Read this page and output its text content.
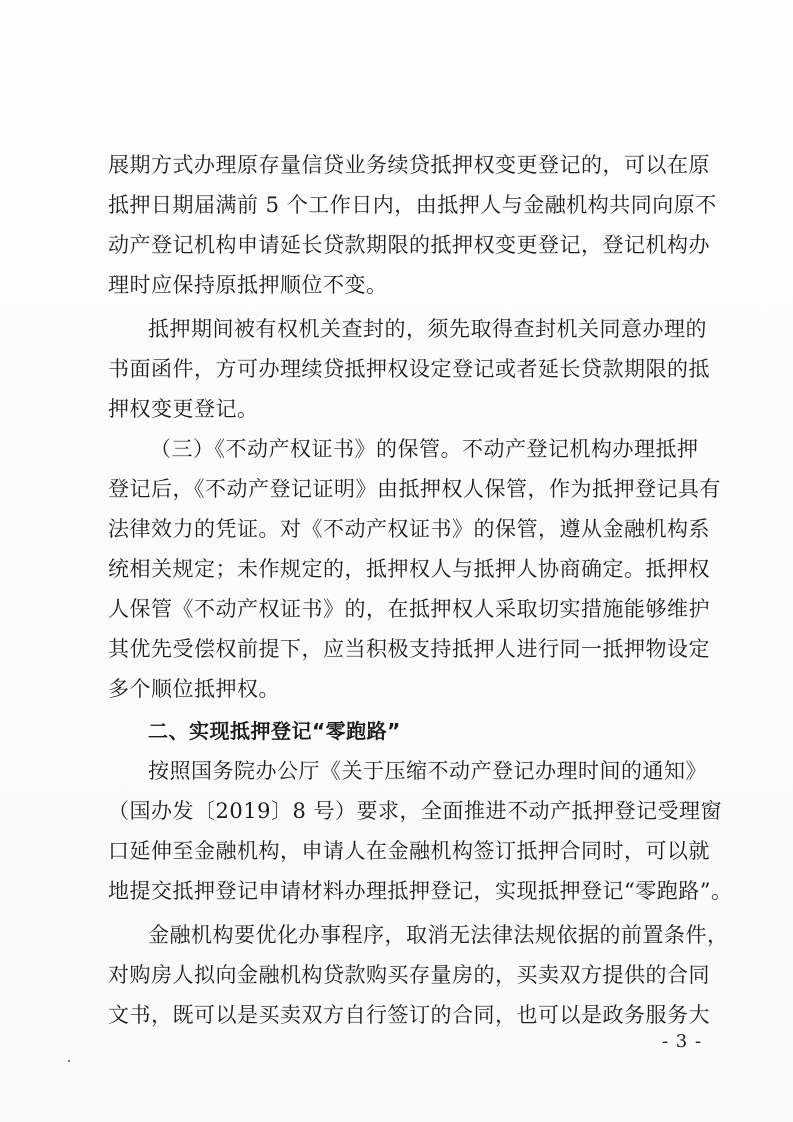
展期方式办理原存量信贷业务续贷抵押权变更登记的，可以在原
抵押日期届满前 5 个工作日内，由抵押人与金融机构共同向原不
动产登记机构申请延长贷款期限的抵押权变更登记，登记机构办
理时应保持原抵押顺位不变。
抵押期间被有权机关查封的，须先取得查封机关同意办理的
书面函件，方可办理续贷抵押权设定登记或者延长贷款期限的抵
押权变更登记。
（三）《不动产权证书》的保管。不动产登记机构办理抵押
登记后，《不动产登记证明》由抵押权人保管，作为抵押登记具有
法律效力的凭证。对《不动产权证书》的保管，遵从金融机构系
统相关规定；未作规定的，抵押权人与抵押人协商确定。抵押权
人保管《不动产权证书》的，在抵押权人采取切实措施能够维护
其优先受偿权前提下，应当积极支持抵押人进行同一抵押物设定
多个顺位抵押权。
二、实现抵押登记“零跑路”
按照国务院办公厅《关于压缩不动产登记办理时间的通知》
（国办发〔2019〕8 号）要求，全面推进不动产抵押登记受理窗
口延伸至金融机构，申请人在金融机构签订抵押合同时，可以就
地提交抵押登记申请材料办理抵押登记，实现抵押登记“零跑路”。
金融机构要优化办事程序，取消无法律法规依据的前置条件，
对购房人拟向金融机构贷款购买存量房的，买卖双方提供的合同
文书，既可以是买卖双方自行签订的合同，也可以是政务服务大
- 3 -
